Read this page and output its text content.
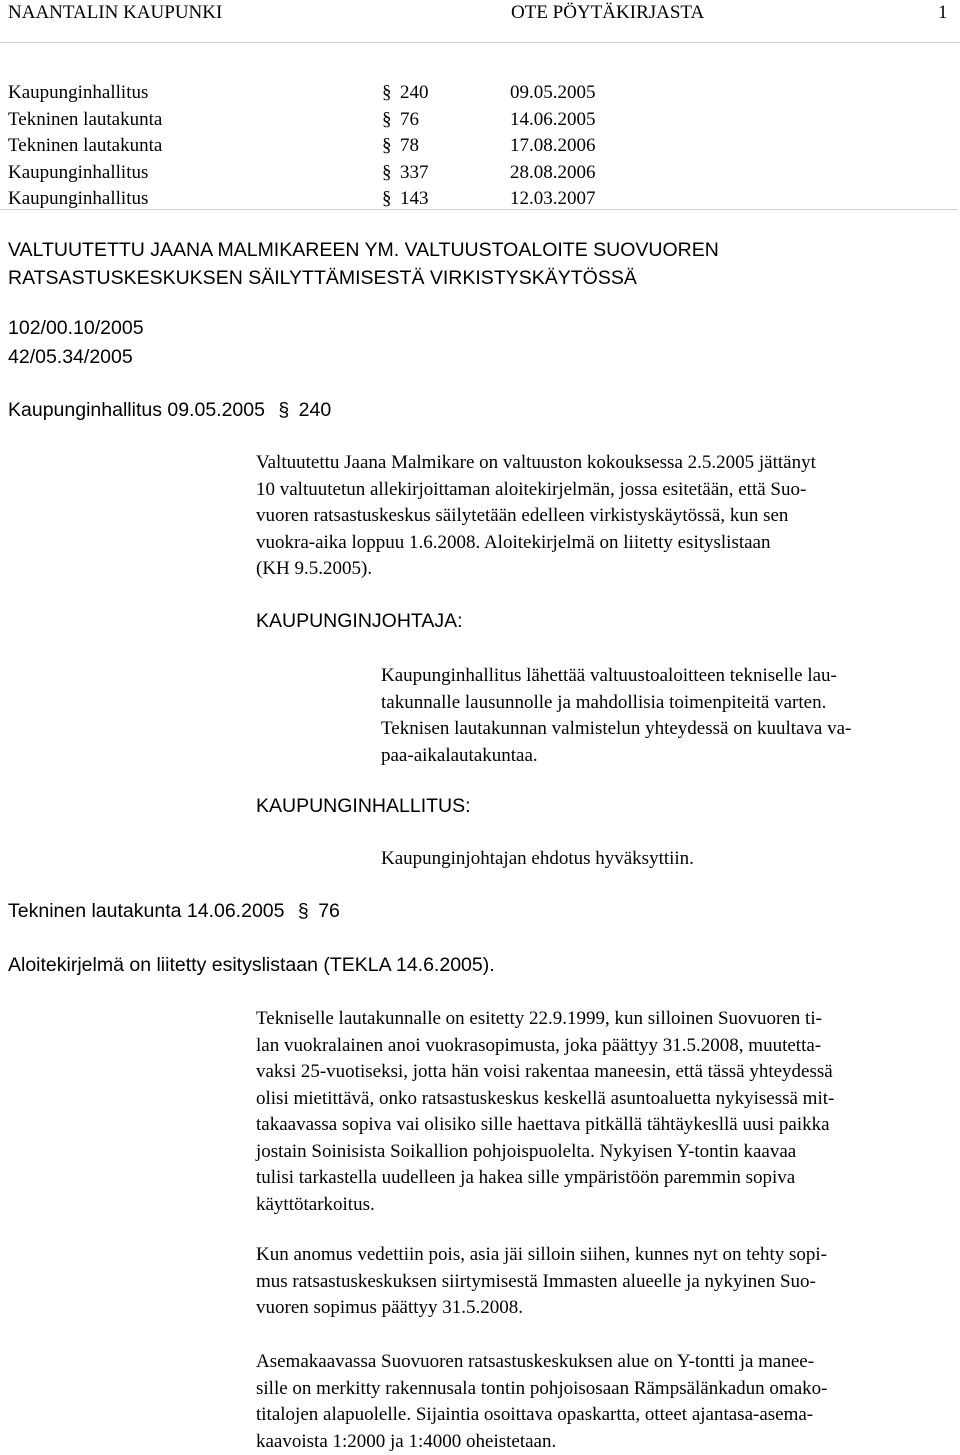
NAANTALIN KAUPUNKI	OTE PÖYTÄKIRJASTA	1
Kaupunginhallitus	§ 240	09.05.2005
Tekninen lautakunta	§ 76	14.06.2005
Tekninen lautakunta	§ 78	17.08.2006
Kaupunginhallitus	§ 337	28.08.2006
Kaupunginhallitus	§ 143	12.03.2007
VALTUUTETTU JAANA MALMIKAREEN YM. VALTUUSTOALOITE SUOVUOREN
RATSASTUSKESKUKSEN SÄILYTTÄMISESTÄ VIRKISTYSKÄYTÖSSÄ
102/00.10/2005
42/05.34/2005
Kaupunginhallitus 09.05.2005 § 240
Valtuutettu Jaana Malmikare on valtuuston kokouksessa 2.5.2005 jättänyt
10 valtuutetun allekirjoittaman aloitekirjelmän, jossa esitetään, että Suo-
vuoren ratsastuskeskus säilytetään edelleen virkistyskäytössä, kun sen
vuokra-aika loppuu 1.6.2008. Aloitekirjelmä on liitetty esityslistaan
(KH 9.5.2005).
KAUPUNGINJOHTAJA:
Kaupunginhallitus lähettää valtuustoaloitteen tekniselle lau-
takunnalle lausunnolle ja mahdollisia toimenpiteitä varten.
Teknisen lautakunnan valmistelun yhteydessä on kuultava va-
paa-aikalautakuntaa.
KAUPUNGINHALLITUS:
Kaupunginjohtajan ehdotus hyväksyttiin.
Tekninen lautakunta 14.06.2005 § 76
Aloitekirjelmä on liitetty esityslistaan (TEKLA 14.6.2005).
Tekniselle lautakunnalle on esitetty 22.9.1999, kun silloinen Suovuoren ti-
lan vuokralainen anoi vuokrasopimusta, joka päättyy 31.5.2008, muutetta-
vaksi 25-vuotiseksi, jotta hän voisi rakentaa maneesin, että tässä yhteydessä
olisi mietittävä, onko ratsastuskeskus keskellä asuntoaluetta nykyisessä mit-
takaavassa sopiva vai olisiko sille haettava pitkällä tähtäykesllä uusi paikka
jostain Soinisista Soikallion pohjoispuolelta. Nykyisen Y-tontin kaavaa
tulisi tarkastella uudelleen ja hakea sille ympäristöön paremmin sopiva
käyttötarkoitus.
Kun anomus vedettiin pois, asia jäi silloin siihen, kunnes nyt on tehty sopi-
mus ratsastuskeskuksen siirtymisestä Immasten alueelle ja nykyinen Suo-
vuoren sopimus päättyy 31.5.2008.
Asemakaavassa Suovuoren ratsastuskeskuksen alue on Y-tontti ja manee-
sille on merkitty rakennusala tontin pohjoisosaan Rämpsälänkadun omako-
titalojen alapuolelle. Sijaintia osoittava opaskartta, otteet ajantasa-asema-
kaavoista 1:2000 ja 1:4000 oheistetaan.
